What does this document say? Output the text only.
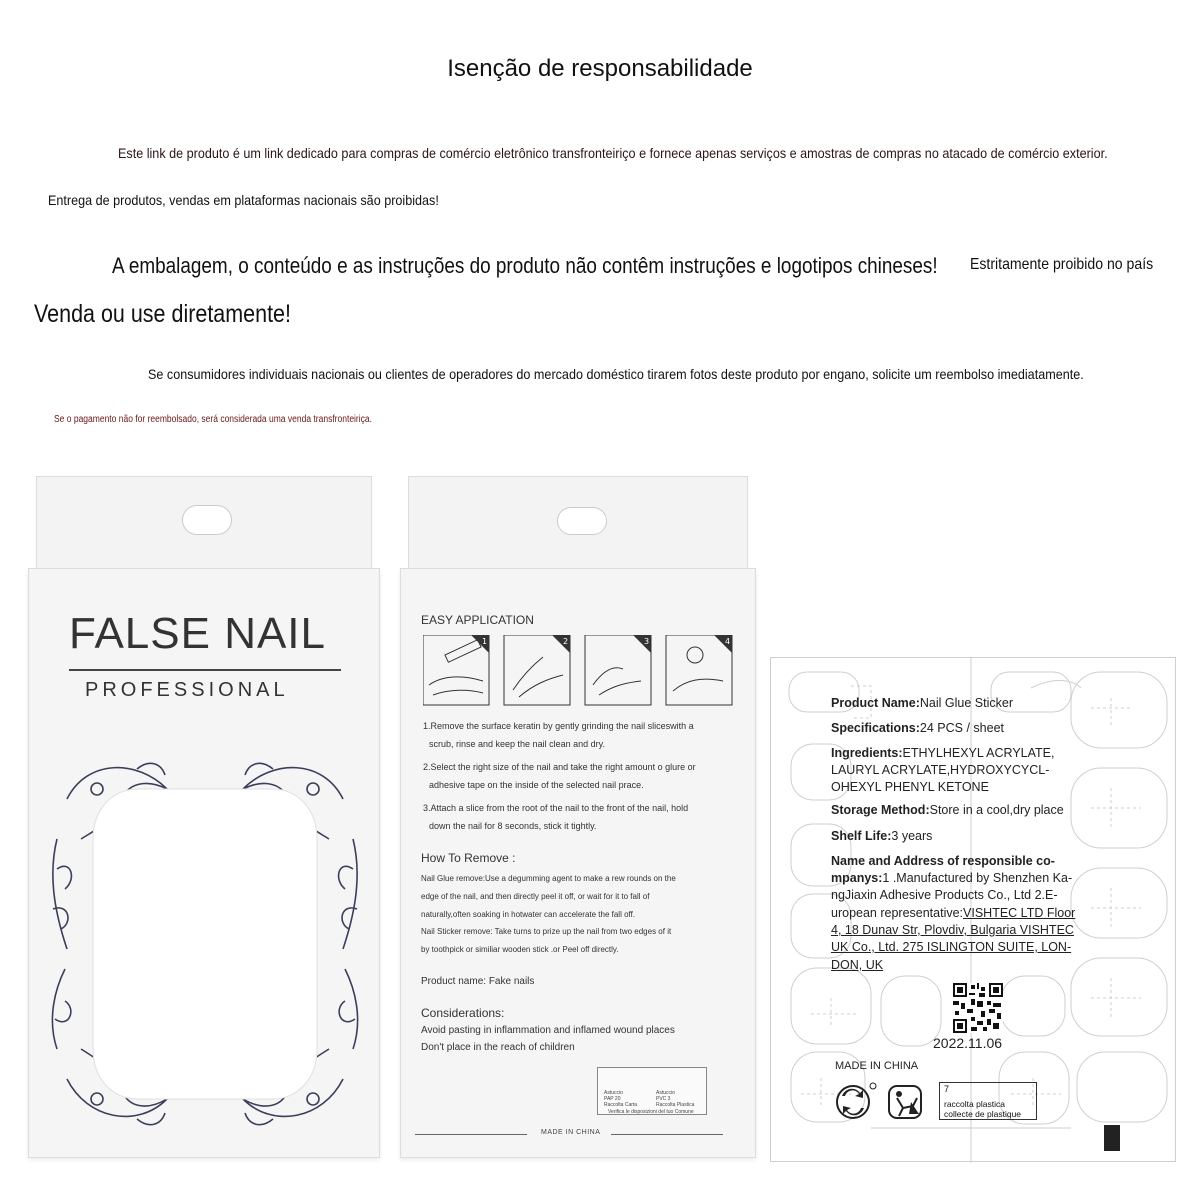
Isenção de responsabilidade
Este link de produto é um link dedicado para compras de comércio eletrônico transfronteiriço e fornece apenas serviços e amostras de compras no atacado de comércio exterior.
Entrega de produtos, vendas em plataformas nacionais são proibidas!
A embalagem, o conteúdo e as instruções do produto não contêm instruções e logotipos chineses! Estritamente proibido no país
Venda ou use diretamente!
Se consumidores individuais nacionais ou clientes de operadores do mercado doméstico tirarem fotos deste produto por engano, solicite um reembolso imediatamente.
Se o pagamento não for reembolsado, será considerada uma venda transfronteiriça.
FALSE NAIL
PROFESSIONAL
EASY APPLICATION
1	2	3	4
1.Remove the surface keratin by gently grinding the nail sliceswith a
scrub, rinse and keep the nail clean and dry.
2.Select the right size of the nail and take the right amount o glure or
adhesive tape on the inside of the selected nail prace.
3.Attach a slice from the root of the nail to the front of the nail, hold
down the nail for 8 seconds, stick it tightly.
How To Remove :
Nail Glue remove:Use a degumming agent to make a rew rounds on the
edge of the nail, and then directly peel it off, or wait for it to fall of
naturally,often soaking in hotwater can accelerate the fall off.
Nail Sticker remove: Take turns to prize up the nail from two edges of it
by toothpick or similiar wooden stick .or Peel off directly.
Product name: Fake nails
Considerations:
Avoid pasting in inflammation and inflamed wound places
Don't place in the reach of children
Astuccio
PAP 20
Raccolta Carta
Astuccio
PVC 3
Raccolta Plastica
Verifica le disposizioni del tuo Comune
MADE IN CHINA
Product Name:Nail Glue Sticker
Specifications:24 PCS / sheet
Ingredients:ETHYLHEXYL ACRYLATE,
LAURYL ACRYLATE,HYDROXYCYCL-
OHEXYL PHENYL KETONE
Storage Method:Store in a cool,dry place
Shelf Life:3 years
Name and Address of responsible co-
mpanys:1 .Manufactured by Shenzhen Ka-
ngJiaxin Adhesive Products Co., Ltd 2.E-
uropean representative:VISHTEC LTD Floor
4, 18 Dunav Str, Plovdiv, Bulgaria VISHTEC
UK Co., Ltd. 275 ISLINGTON SUITE, LON-
DON, UK
2022.11.06
MADE IN CHINA
7
raccolta plastica
collecte de plastique
